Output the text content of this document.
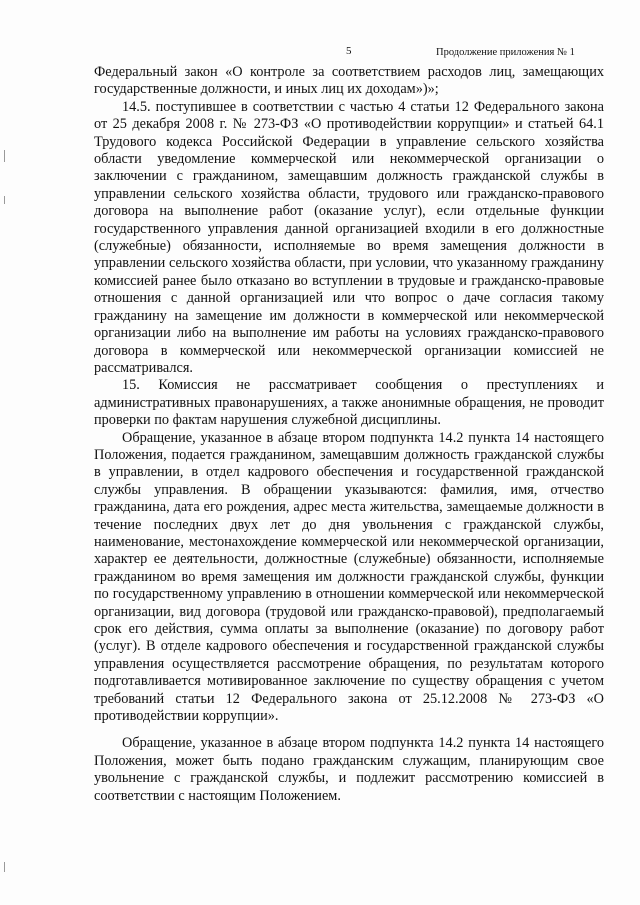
5	Продолжение приложения № 1

Федеральный закон «О контроле за соответствием расходов лиц, замещающих государственные должности, и иных лиц их доходам»)»;

14.5. поступившее в соответствии с частью 4 статьи 12 Федерального закона от 25 декабря 2008 г. № 273-ФЗ «О противодействии коррупции» и статьей 64.1 Трудового кодекса Российской Федерации в управление сельского хозяйства области уведомление коммерческой или некоммерческой организации о заключении с гражданином, замещавшим должность гражданской службы в управлении сельского хозяйства области, трудового или гражданско-правового договора на выполнение работ (оказание услуг), если отдельные функции государственного управления данной организацией входили в его должностные (служебные) обязанности, исполняемые во время замещения должности в управлении сельского хозяйства области, при условии, что указанному гражданину комиссией ранее было отказано во вступлении в трудовые и гражданско-правовые отношения с данной организацией или что вопрос о даче согласия такому гражданину на замещение им должности в коммерческой или некоммерческой организации либо на выполнение им работы на условиях гражданско-правового договора в коммерческой или некоммерческой организации комиссией не рассматривался.

15. Комиссия не рассматривает сообщения о преступлениях и административных правонарушениях, а также анонимные обращения, не проводит проверки по фактам нарушения служебной дисциплины.

Обращение, указанное в абзаце втором подпункта 14.2 пункта 14 настоящего Положения, подается гражданином, замещавшим должность гражданской службы в управлении, в отдел кадрового обеспечения и государственной гражданской службы управления. В обращении указываются: фамилия, имя, отчество гражданина, дата его рождения, адрес места жительства, замещаемые должности в течение последних двух лет до дня увольнения с гражданской службы, наименование, местонахождение коммерческой или некоммерческой организации, характер ее деятельности, должностные (служебные) обязанности, исполняемые гражданином во время замещения им должности гражданской службы, функции по государственному управлению в отношении коммерческой или некоммерческой организации, вид договора (трудовой или гражданско-правовой), предполагаемый срок его действия, сумма оплаты за выполнение (оказание) по договору работ (услуг). В отделе кадрового обеспечения и государственной гражданской службы управления осуществляется рассмотрение обращения, по результатам которого подготавливается мотивированное заключение по существу обращения с учетом требований статьи 12 Федерального закона от 25.12.2008 № 273-ФЗ «О противодействии коррупции».

Обращение, указанное в абзаце втором подпункта 14.2 пункта 14 настоящего Положения, может быть подано гражданским служащим, планирующим свое увольнение с гражданской службы, и подлежит рассмотрению комиссией в соответствии с настоящим Положением.
